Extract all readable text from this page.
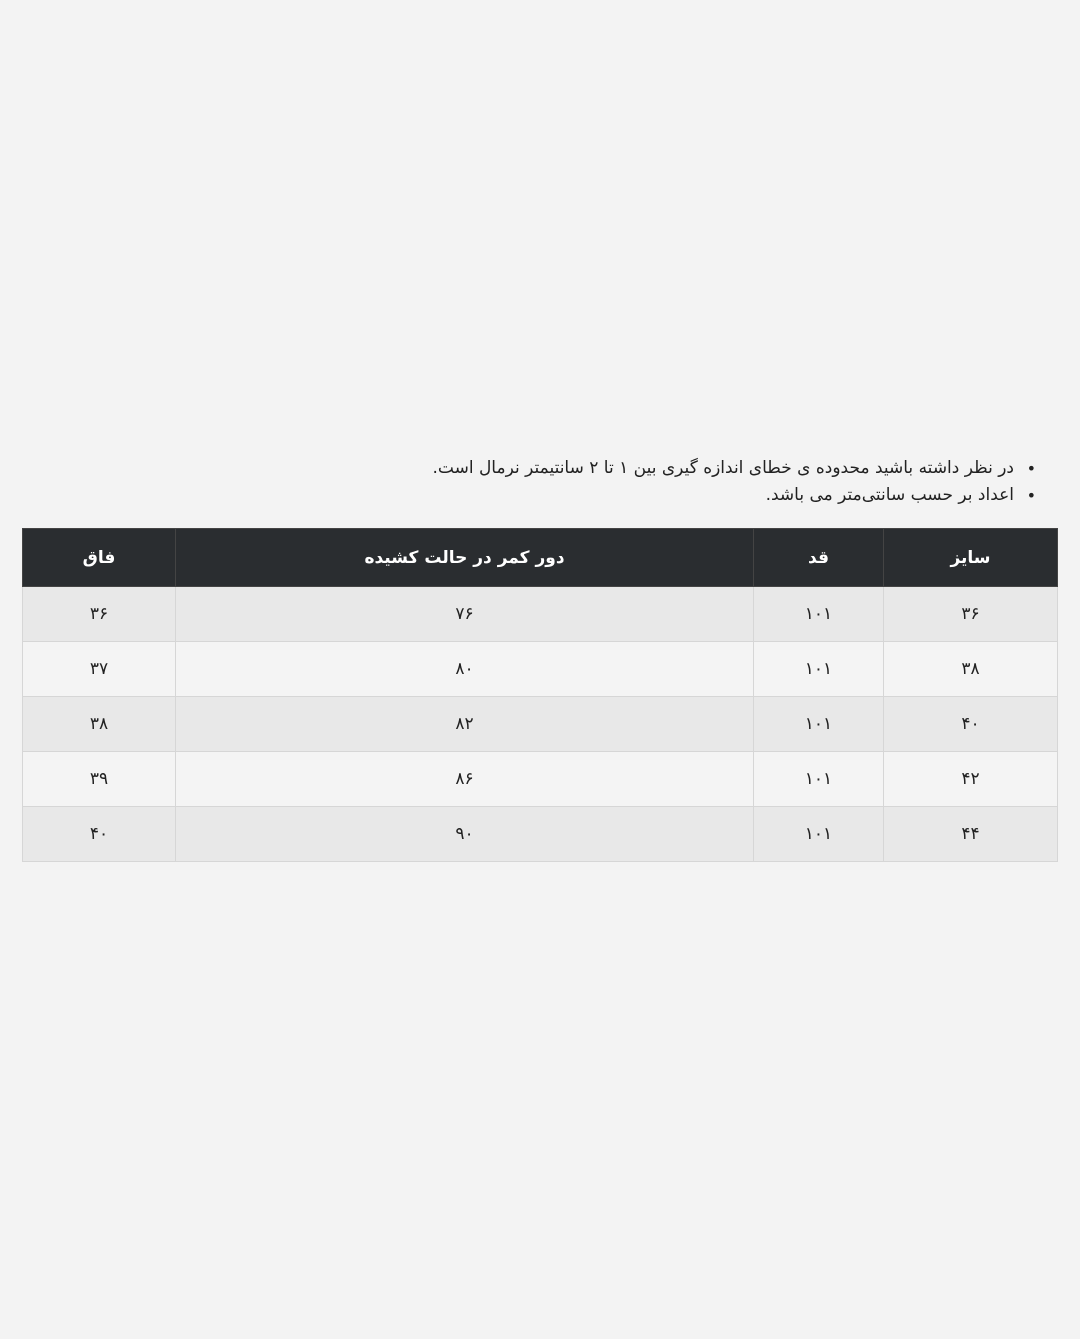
•
در نظر داشته باشید محدوده ی خطای اندازه گیری بین ۱ تا ۲ سانتیمتر نرمال است.
•
اعداد بر حسب سانتی‌متر می باشد.
سایز	قد	دور کمر در حالت کشیده	فاق
۳۶	۱۰۱	۷۶	۳۶
۳۸	۱۰۱	۸۰	۳۷
۴۰	۱۰۱	۸۲	۳۸
۴۲	۱۰۱	۸۶	۳۹
۴۴	۱۰۱	۹۰	۴۰
